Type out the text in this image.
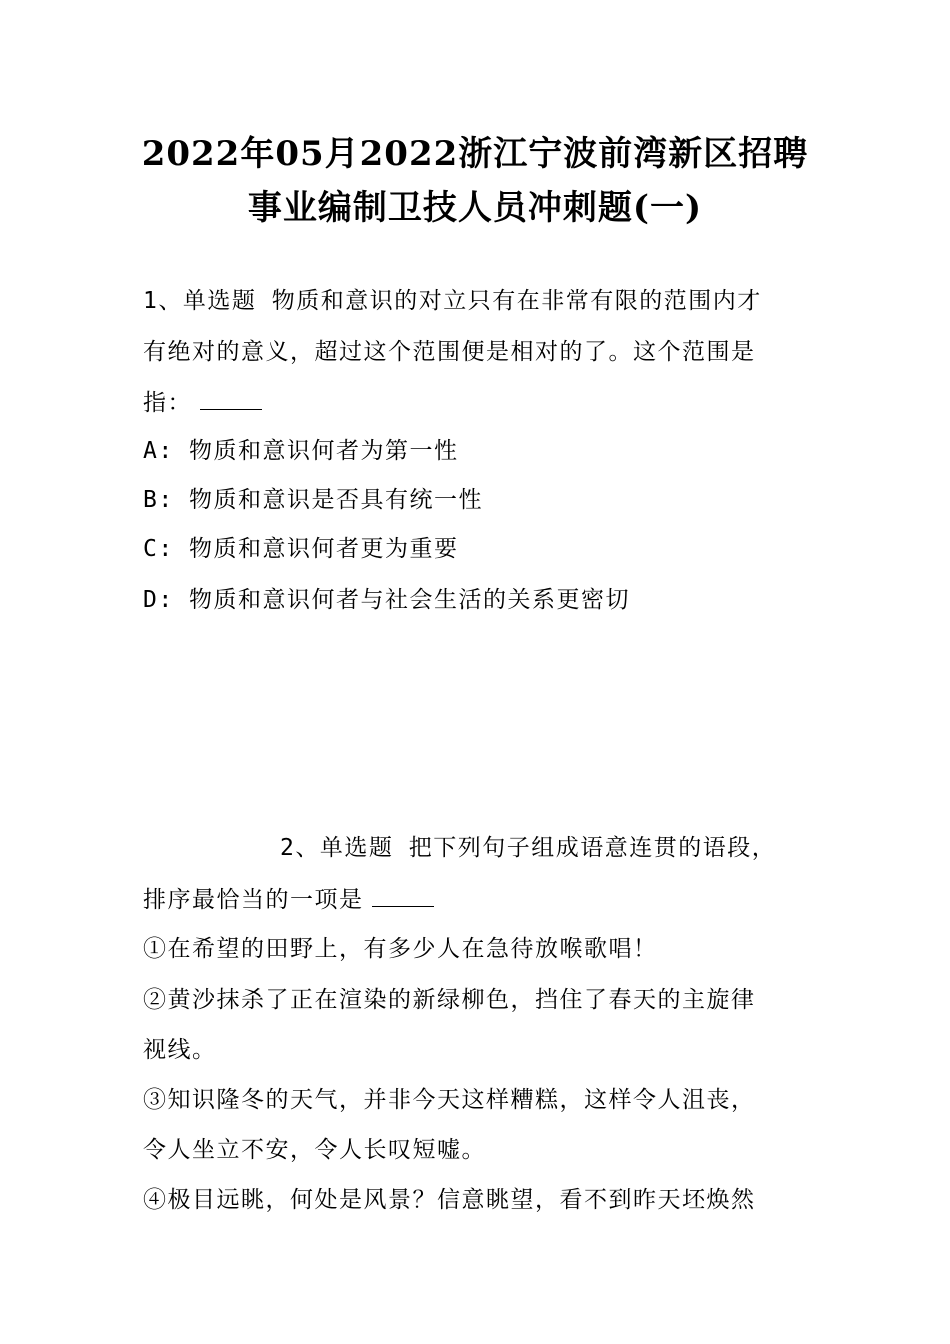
2022年05月2022浙江宁波前湾新区招聘
事业编制卫技人员冲刺题(一)
1、单选题 物质和意识的对立只有在非常有限的范围内才
有绝对的意义，超过这个范围便是相对的了。这个范围是
指：
A: 物质和意识何者为第一性
B: 物质和意识是否具有统一性
C: 物质和意识何者更为重要
D: 物质和意识何者与社会生活的关系更密切
2、单选题 把下列句子组成语意连贯的语段，
排序最恰当的一项是
①在希望的田野上，有多少人在急待放喉歌唱！
②黄沙抹杀了正在渲染的新绿柳色，挡住了春天的主旋律
视线。
③知识隆冬的天气，并非今天这样糟糕，这样令人沮丧，
令人坐立不安，令人长叹短嘘。
④极目远眺，何处是风景？信意眺望，看不到昨天坯焕然
